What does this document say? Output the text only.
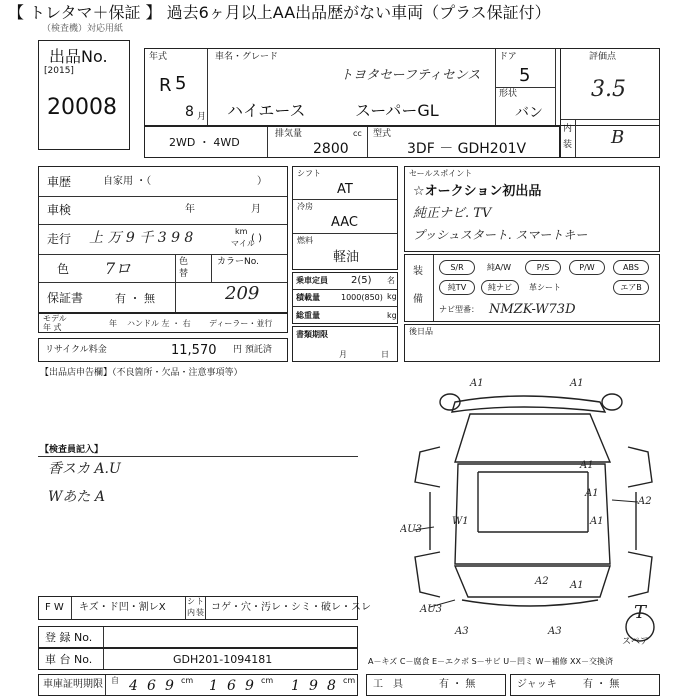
【 トレタマ＋保証 】 過去6ヶ月以上AA出品歴がない車両（プラス保証付）
（検査機）対応用紙
出品No.
[2015]
20008
年式
R 5
8 月
車名・グレード
トヨタセーフティセンス
ハイエース	スーパーGL
ドア
5
形状
バン
評価点
3.5
内
装 B
2WD ・ 4WD
排気量	cc
2800
型式
3DF － GDH201V
車歴	自家用 ・（	）
車検	年	月
走行 上 万 9 千 3 9 8	km
マイル
( )
色 7ロ	色
替
カラーNo.
209
保証書	有 ・ 無
モデル
年 式	年 ハンドル 左 ・ 右 ディーラー・並行
リサイクル料金	11,570 円 預託済
シフト
AT
冷房
AAC
燃料
軽油
乗車定員 2(5) 名
積載量	1000(850) kg
総重量	kg
書類期限
月	日
セールスポイント
☆オークション初出品
純正ナビ. TV
プッシュスタート. スマートキー
装
備
S/R	純A/W	P/S	P/W	ABS
純TV	純ナビ	革シート	エアB
ナビ型番： NMZK-W73D
後日品
【出品店申告欄】（不良箇所・欠品・注意事項等）
【検査員記入】
香スカ A.U
Wあた A
A1	A1
A1
A1
A2
AU3
A1
A2
AU3
A3
A1
A3
W1
T
スペア
F W キズ・ド凹・割レX
シ ト
内 装 コゲ・穴・汚レ・シミ・破レ・スレ
登 録 No.
車 台 No.	GDH201-1094181
車庫証明期限 自 4 6 9 cm 1 6 9 cm 1 9 8 cm
A－キズ C－腐食 E－エクボ S－サビ U－凹ミ W－補修 XX－交換済
工　具	有 ・ 無	ジャッキ	有 ・ 無
